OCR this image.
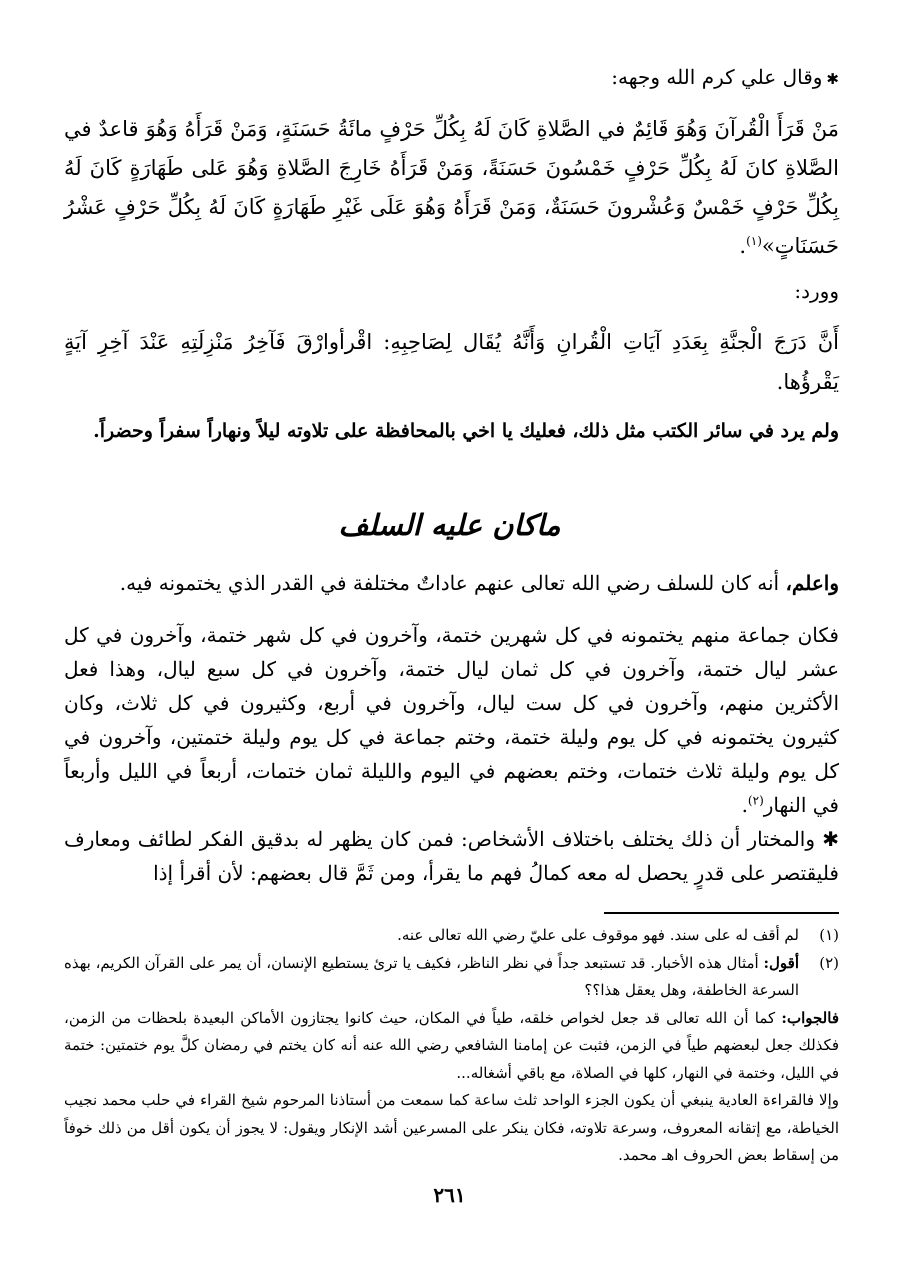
✱وقال علي كرم الله وجهه:
مَنْ قَرَأَ الْقُرآنَ وَهُوَ قَائِمٌ في الصَّلاةِ كَانَ لَهُ بِكُلِّ حَرْفٍ مائَةُ حَسَنَةٍ، وَمَنْ قَرَأَهُ وَهُوَ قاعدٌ في الصَّلاةِ كانَ لَهُ بِكُلِّ حَرْفٍ خَمْسُونَ حَسَنَةً، وَمَنْ قَرَأَهُ خَارِجَ الصَّلاةِ وَهُوَ عَلى طَهَارَةٍ كَانَ لَهُ بِكُلِّ حَرْفٍ خَمْسٌ وَعُشْرونَ حَسَنَةٌ، وَمَنْ قَرَأَهُ وَهُوَ عَلَى غَيْرِ طَهَارَةٍ كَانَ لَهُ بِكُلِّ حَرْفٍ عَشْرُ حَسَنَاتٍ»$^{(١)}$.
وورد:
أَنَّ دَرَجَ الْجنَّةِ بِعَدَدِ آيَاتِ الْقُرانِ وَأَنَّهُ يُقَال لِصَاحِبِهِ: اقْرأوارْقَ فَآخِرُ مَنْزِلَتِهِ عَنْدَ آخِرِ آيَةٍ يَقْرؤُها.
ولم يرد في سائر الكتب مثل ذلك، فعليك يا اخي بالمحافظة على تلاوته ليلاً ونهاراً سفراً وحضراً.
ماكان عليه السلف
واعلم، أنه كان للسلف رضي الله تعالى عنهم عاداتٌ مختلفة في القدر الذي يختمونه فيه.
فكان جماعة منهم يختمونه في كل شهرين ختمة، وآخرون في كل شهر ختمة، وآخرون في كل عشر ليال ختمة، وآخرون في كل ثمان ليال ختمة، وآخرون في كل سبع ليال، وهذا فعل الأكثرين منهم، وآخرون في كل ست ليال، وآخرون في أربع، وكثيرون في كل ثلاث، وكان كثيرون يختمونه في كل يوم وليلة ختمة، وختم جماعة في كل يوم وليلة ختمتين، وآخرون في كل يوم وليلة ثلاث ختمات، وختم بعضهم في اليوم والليلة ثمان ختمات، أربعاً في الليل وأربعاً في النهار$^{(٢)}$.
✱ والمختار أن ذلك يختلف باختلاف الأشخاص: فمن كان يظهر له بدقيق الفكر لطائف ومعارف فليقتصر على قدرٍ يحصل له معه كمالُ فهم ما يقرأ، ومن ثَمَّ قال بعضهم: لأن أقرأ إذا
(١)
لم أقف له على سند. فهو موقوف على عليّ رضي الله تعالى عنه.
(٢)
أقول: أمثال هذه الأخبار. قد تستبعد جداً في نظر الناظر، فكيف يا ترئ يستطيع الإنسان، أن يمر على القرآن الكريم، بهذه السرعة الخاطفة، وهل يعقل هذا؟؟
فالجواب: كما أن الله تعالى قد جعل لخواص خلقه، طياً في المكان، حيث كانوا يجتازون الأماكن البعيدة بلحظات من الزمن، فكذلك جعل لبعضهم طياً في الزمن، فثبت عن إمامنا الشافعي رضي الله عنه أنه كان يختم في رمضان كلَّ يوم ختمتين: ختمة في الليل، وختمة في النهار، كلها في الصلاة، مع باقي أشغاله...
وإلا فالقراءة العادية ينبغي أن يكون الجزء الواحد ثلث ساعة كما سمعت من أستاذنا المرحوم شيخ القراء في حلب محمد نجيب الخياطة، مع إتقانه المعروف، وسرعة تلاوته، فكان ينكر على المسرعين أشد الإنكار ويقول: لا يجوز أن يكون أقل من ذلك خوفاً من إسقاط بعض الحروف اهـ محمد.
٢٦١
